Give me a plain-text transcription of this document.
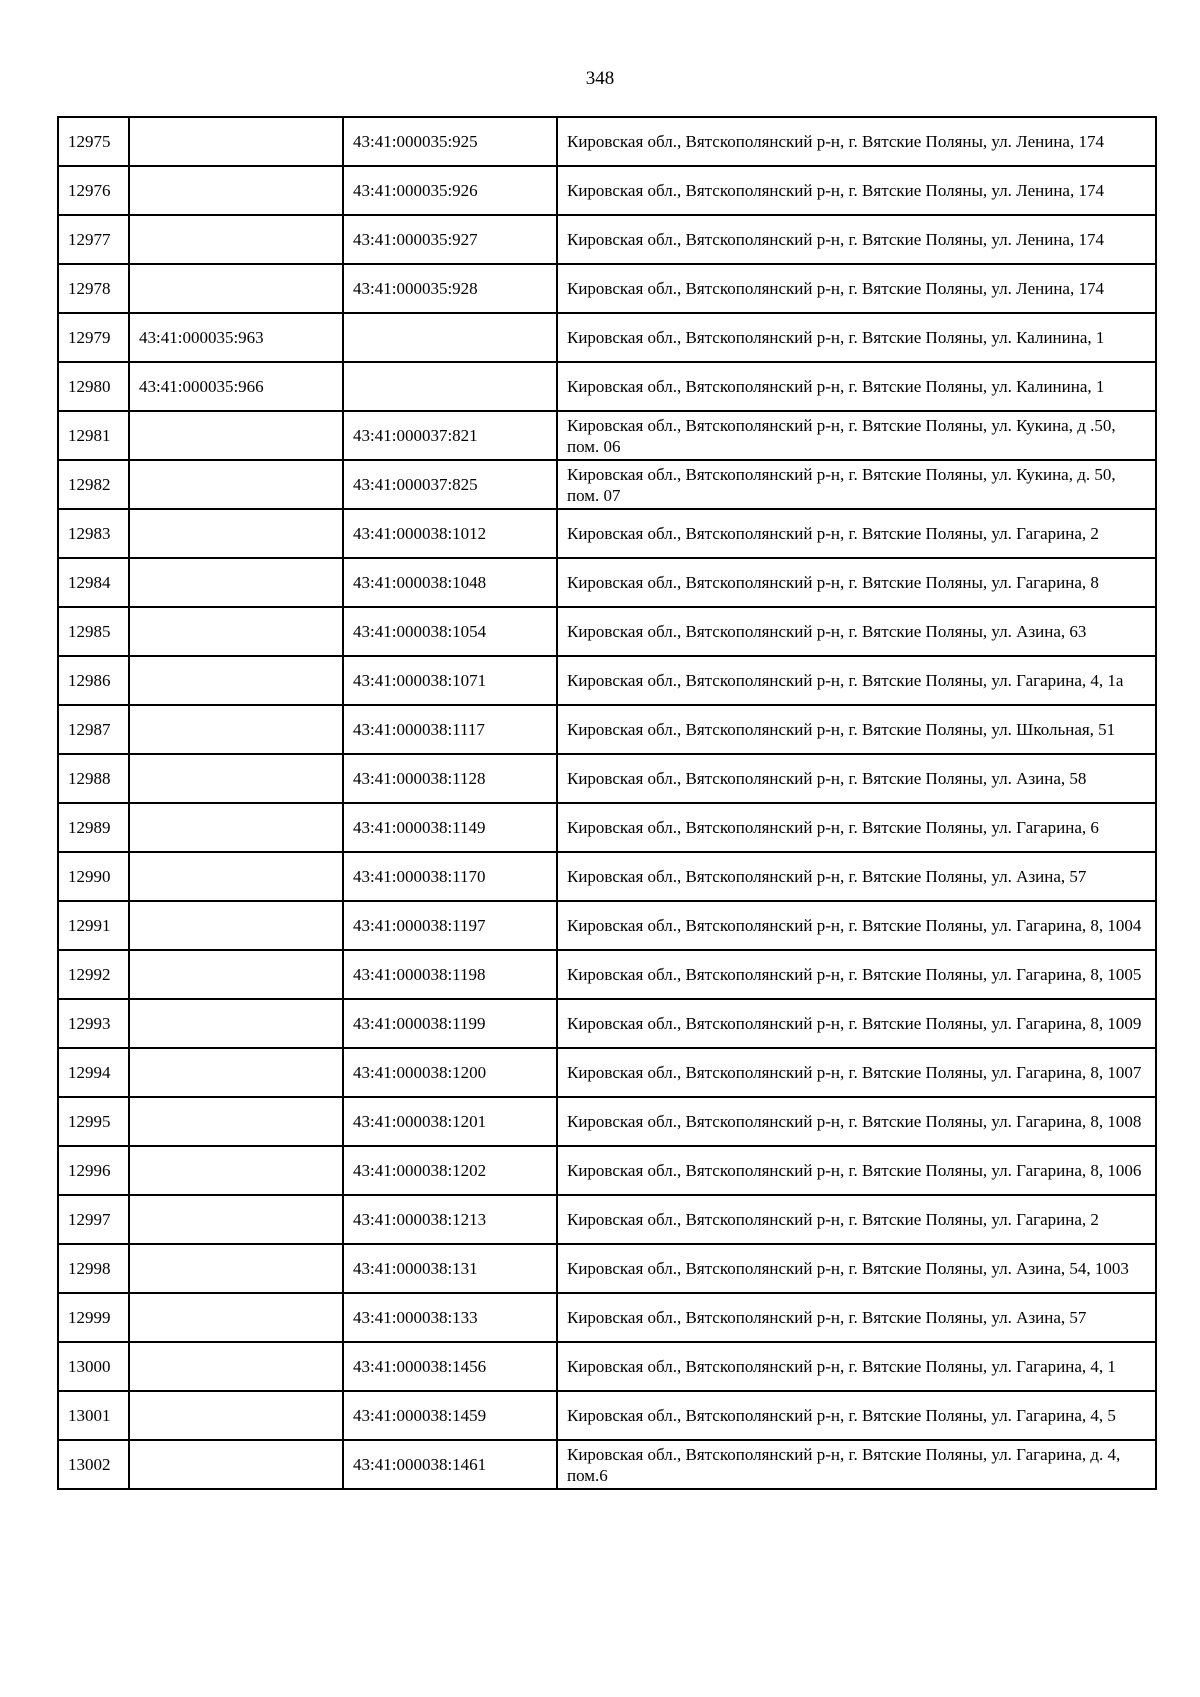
348
12975		43:41:000035:925	Кировская обл., Вятскополянский р-н, г. Вятские Поляны, ул. Ленина, 174
12976		43:41:000035:926	Кировская обл., Вятскополянский р-н, г. Вятские Поляны, ул. Ленина, 174
12977		43:41:000035:927	Кировская обл., Вятскополянский р-н, г. Вятские Поляны, ул. Ленина, 174
12978		43:41:000035:928	Кировская обл., Вятскополянский р-н, г. Вятские Поляны, ул. Ленина, 174
12979	43:41:000035:963		Кировская обл., Вятскополянский р-н, г. Вятские Поляны, ул. Калинина, 1
12980	43:41:000035:966		Кировская обл., Вятскополянский р-н, г. Вятские Поляны, ул. Калинина, 1
12981		43:41:000037:821	Кировская обл., Вятскополянский р-н, г. Вятские Поляны, ул. Кукина, д .50, пом. 06
12982		43:41:000037:825	Кировская обл., Вятскополянский р-н, г. Вятские Поляны, ул. Кукина, д. 50, пом. 07
12983		43:41:000038:1012	Кировская обл., Вятскополянский р-н, г. Вятские Поляны, ул. Гагарина, 2
12984		43:41:000038:1048	Кировская обл., Вятскополянский р-н, г. Вятские Поляны, ул. Гагарина, 8
12985		43:41:000038:1054	Кировская обл., Вятскополянский р-н, г. Вятские Поляны, ул. Азина, 63
12986		43:41:000038:1071	Кировская обл., Вятскополянский р-н, г. Вятские Поляны, ул. Гагарина, 4, 1а
12987		43:41:000038:1117	Кировская обл., Вятскополянский р-н, г. Вятские Поляны, ул. Школьная, 51
12988		43:41:000038:1128	Кировская обл., Вятскополянский р-н, г. Вятские Поляны, ул. Азина, 58
12989		43:41:000038:1149	Кировская обл., Вятскополянский р-н, г. Вятские Поляны, ул. Гагарина, 6
12990		43:41:000038:1170	Кировская обл., Вятскополянский р-н, г. Вятские Поляны, ул. Азина, 57
12991		43:41:000038:1197	Кировская обл., Вятскополянский р-н, г. Вятские Поляны, ул. Гагарина, 8, 1004
12992		43:41:000038:1198	Кировская обл., Вятскополянский р-н, г. Вятские Поляны, ул. Гагарина, 8, 1005
12993		43:41:000038:1199	Кировская обл., Вятскополянский р-н, г. Вятские Поляны, ул. Гагарина, 8, 1009
12994		43:41:000038:1200	Кировская обл., Вятскополянский р-н, г. Вятские Поляны, ул. Гагарина, 8, 1007
12995		43:41:000038:1201	Кировская обл., Вятскополянский р-н, г. Вятские Поляны, ул. Гагарина, 8, 1008
12996		43:41:000038:1202	Кировская обл., Вятскополянский р-н, г. Вятские Поляны, ул. Гагарина, 8, 1006
12997		43:41:000038:1213	Кировская обл., Вятскополянский р-н, г. Вятские Поляны, ул. Гагарина, 2
12998		43:41:000038:131	Кировская обл., Вятскополянский р-н, г. Вятские Поляны, ул. Азина, 54, 1003
12999		43:41:000038:133	Кировская обл., Вятскополянский р-н, г. Вятские Поляны, ул. Азина, 57
13000		43:41:000038:1456	Кировская обл., Вятскополянский р-н, г. Вятские Поляны, ул. Гагарина, 4, 1
13001		43:41:000038:1459	Кировская обл., Вятскополянский р-н, г. Вятские Поляны, ул. Гагарина, 4, 5
13002		43:41:000038:1461	Кировская обл., Вятскополянский р-н, г. Вятские Поляны, ул. Гагарина, д. 4, пом.6
